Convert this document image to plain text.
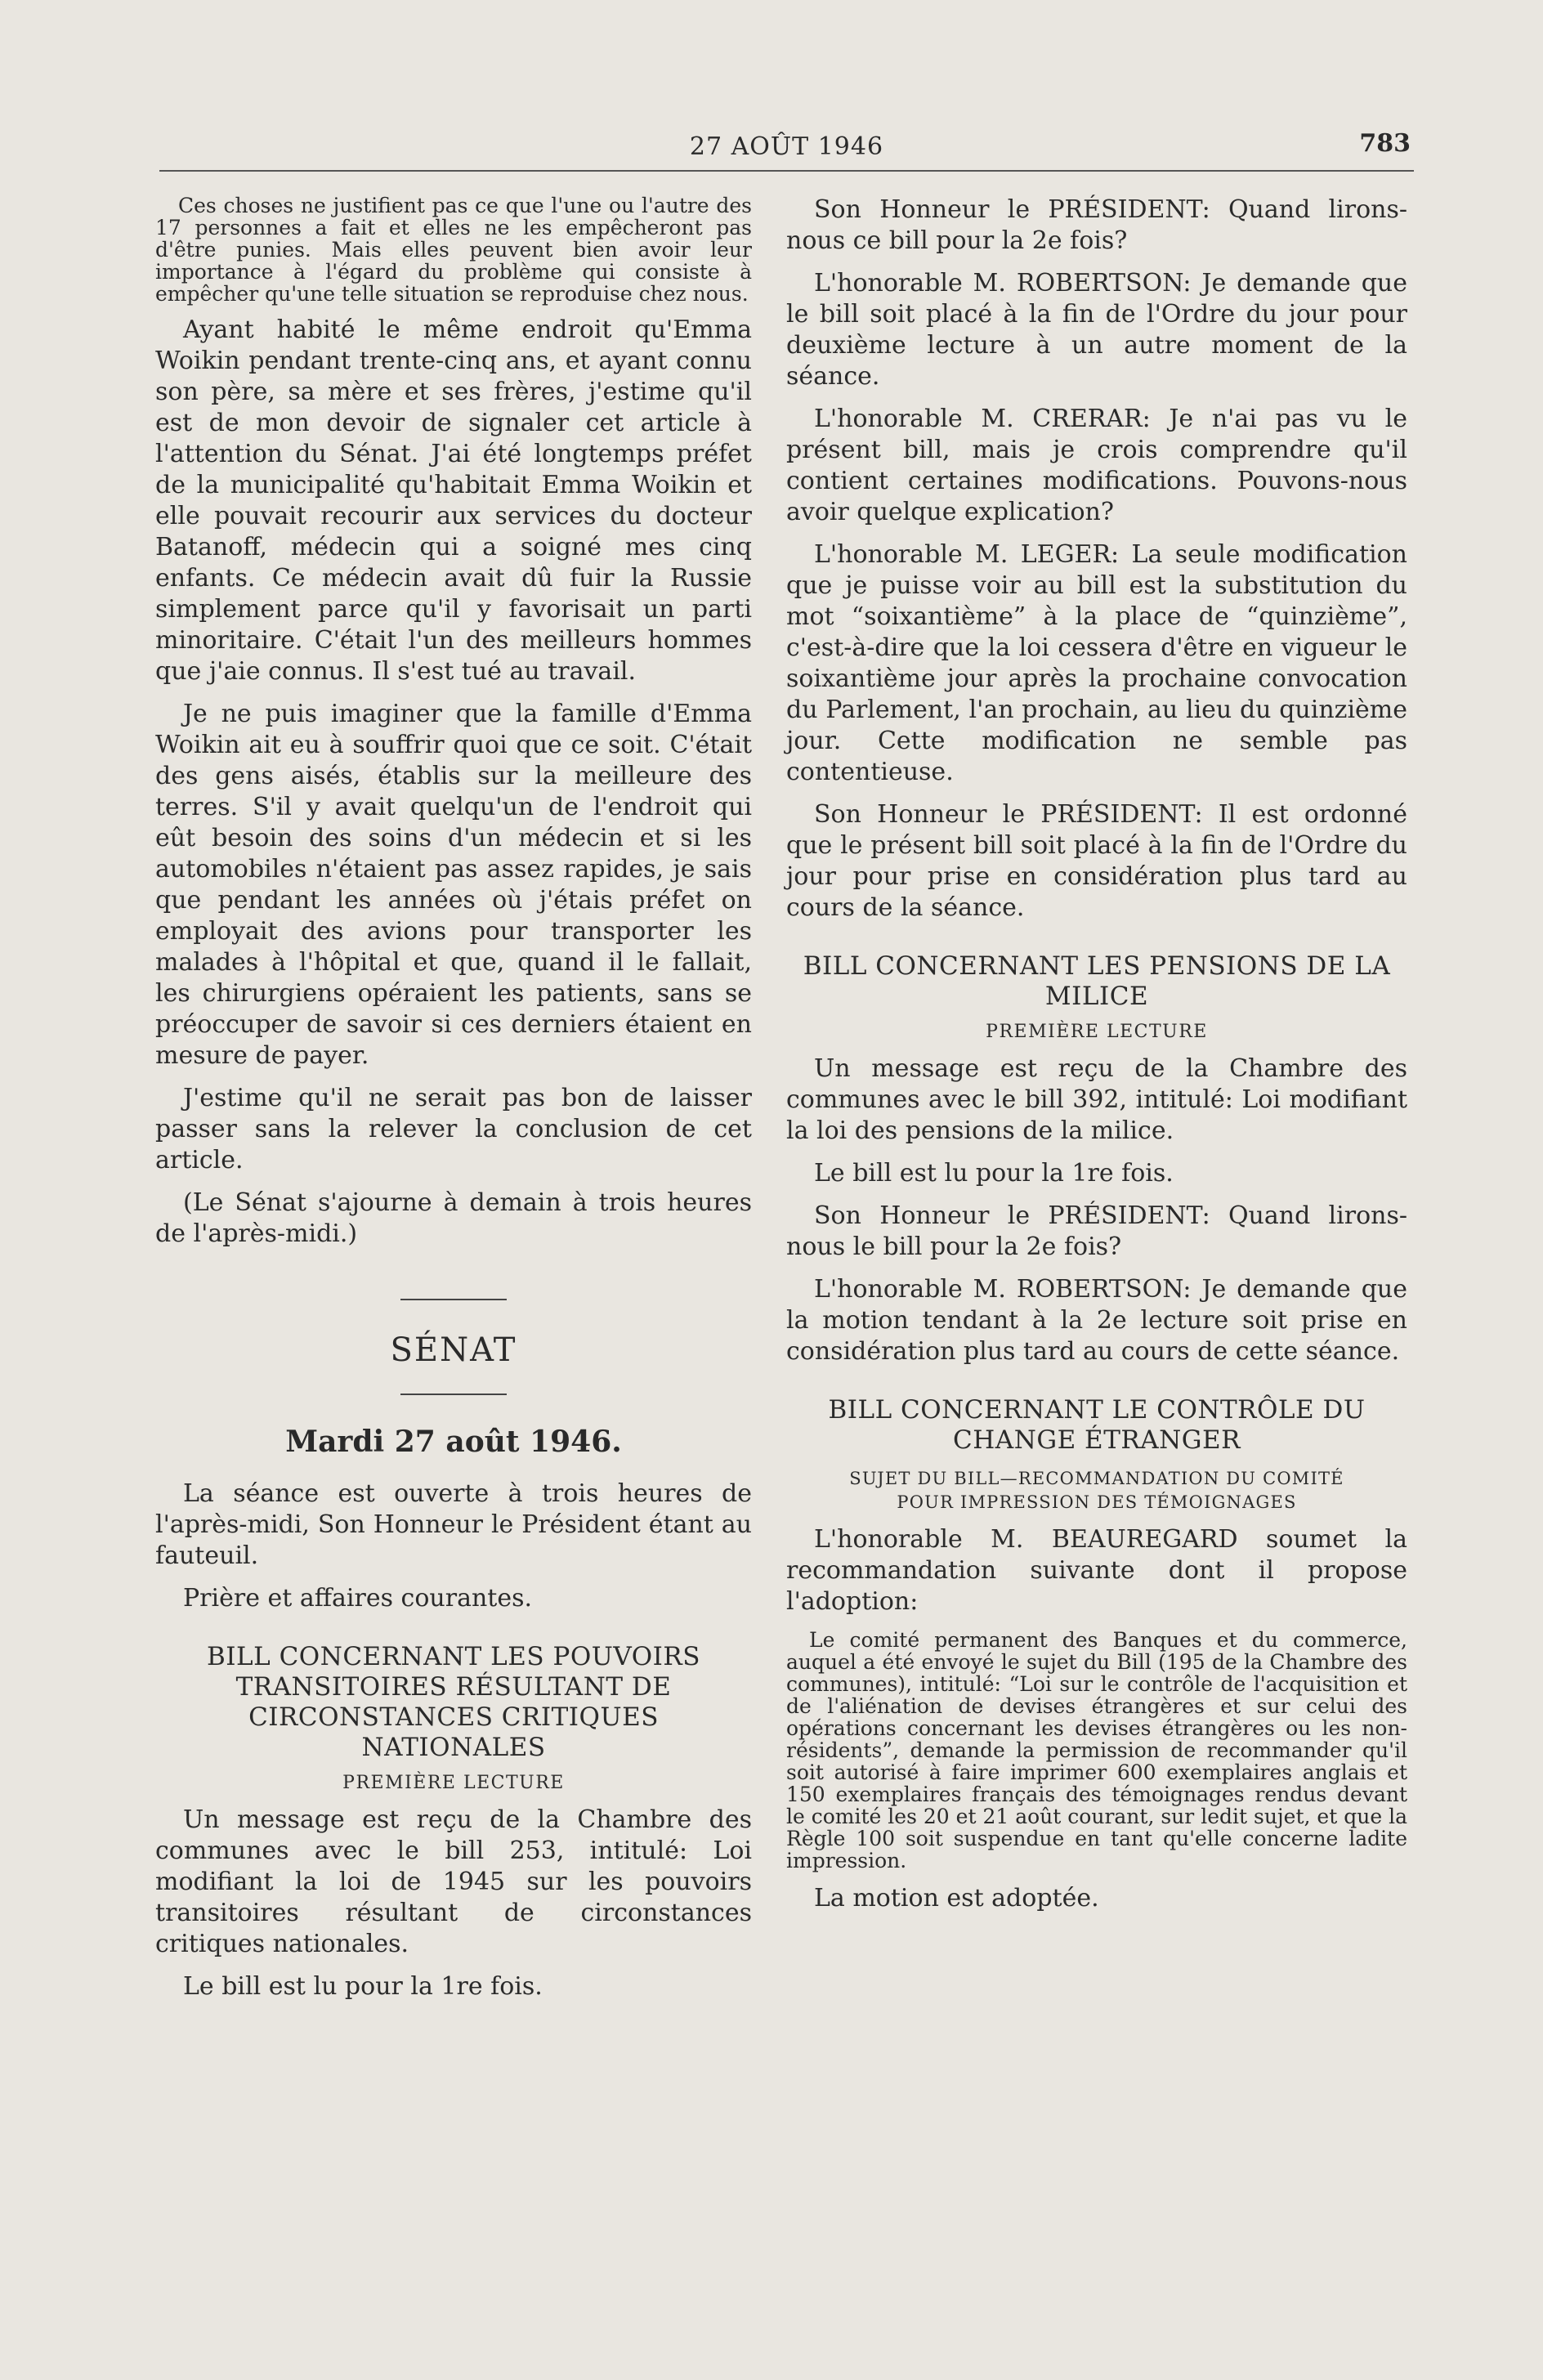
27 AOÛT 1946	783

Ces choses ne justifient pas ce que l'une ou l'autre des 17 personnes a fait et elles ne les empêcheront pas d'être punies. Mais elles peuvent bien avoir leur importance à l'égard du problème qui consiste à empêcher qu'une telle situation se reproduise chez nous.

Ayant habité le même endroit qu'Emma Woikin pendant trente-cinq ans, et ayant connu son père, sa mère et ses frères, j'estime qu'il est de mon devoir de signaler cet article à l'attention du Sénat. J'ai été longtemps préfet de la municipalité qu'habitait Emma Woikin et elle pouvait recourir aux services du docteur Batanoff, médecin qui a soigné mes cinq enfants. Ce médecin avait dû fuir la Russie simplement parce qu'il y favorisait un parti minoritaire. C'était l'un des meilleurs hommes que j'aie connus. Il s'est tué au travail.

Je ne puis imaginer que la famille d'Emma Woikin ait eu à souffrir quoi que ce soit. C'était des gens aisés, établis sur la meilleure des terres. S'il y avait quelqu'un de l'endroit qui eût besoin des soins d'un médecin et si les automobiles n'étaient pas assez rapides, je sais que pendant les années où j'étais préfet on employait des avions pour transporter les malades à l'hôpital et que, quand il le fallait, les chirurgiens opéraient les patients, sans se préoccuper de savoir si ces derniers étaient en mesure de payer.

J'estime qu'il ne serait pas bon de laisser passer sans la relever la conclusion de cet article.

(Le Sénat s'ajourne à demain à trois heures de l'après-midi.)

SÉNAT
Mardi 27 août 1946.

La séance est ouverte à trois heures de l'après-midi, Son Honneur le Président étant au fauteuil.

Prière et affaires courantes.

BILL CONCERNANT LES POUVOIRS TRANSITOIRES RÉSULTANT DE CIRCONSTANCES CRITIQUES NATIONALES
PREMIÈRE LECTURE

Un message est reçu de la Chambre des communes avec le bill 253, intitulé: Loi modifiant la loi de 1945 sur les pouvoirs transitoires résultant de circonstances critiques nationales.

Le bill est lu pour la 1re fois.

Son Honneur le PRÉSIDENT: Quand lirons-nous ce bill pour la 2e fois?

L'honorable M. ROBERTSON: Je demande que le bill soit placé à la fin de l'Ordre du jour pour deuxième lecture à un autre moment de la séance.

L'honorable M. CRERAR: Je n'ai pas vu le présent bill, mais je crois comprendre qu'il contient certaines modifications. Pouvons-nous avoir quelque explication?

L'honorable M. LEGER: La seule modification que je puisse voir au bill est la substitution du mot “soixantième” à la place de “quinzième”, c'est-à-dire que la loi cessera d'être en vigueur le soixantième jour après la prochaine convocation du Parlement, l'an prochain, au lieu du quinzième jour. Cette modification ne semble pas contentieuse.

Son Honneur le PRÉSIDENT: Il est ordonné que le présent bill soit placé à la fin de l'Ordre du jour pour prise en considération plus tard au cours de la séance.

BILL CONCERNANT LES PENSIONS DE LA MILICE
PREMIÈRE LECTURE

Un message est reçu de la Chambre des communes avec le bill 392, intitulé: Loi modifiant la loi des pensions de la milice.

Le bill est lu pour la 1re fois.

Son Honneur le PRÉSIDENT: Quand lirons-nous le bill pour la 2e fois?

L'honorable M. ROBERTSON: Je demande que la motion tendant à la 2e lecture soit prise en considération plus tard au cours de cette séance.

BILL CONCERNANT LE CONTRÔLE DU CHANGE ÉTRANGER
SUJET DU BILL—RECOMMANDATION DU COMITÉ
POUR IMPRESSION DES TÉMOIGNAGES

L'honorable M. BEAUREGARD soumet la recommandation suivante dont il propose l'adoption:

Le comité permanent des Banques et du commerce, auquel a été envoyé le sujet du Bill (195 de la Chambre des communes), intitulé: “Loi sur le contrôle de l'acquisition et de l'aliénation de devises étrangères et sur celui des opérations concernant les devises étrangères ou les non-résidents”, demande la permission de recommander qu'il soit autorisé à faire imprimer 600 exemplaires anglais et 150 exemplaires français des témoignages rendus devant le comité les 20 et 21 août courant, sur ledit sujet, et que la Règle 100 soit suspendue en tant qu'elle concerne ladite impression.

La motion est adoptée.
